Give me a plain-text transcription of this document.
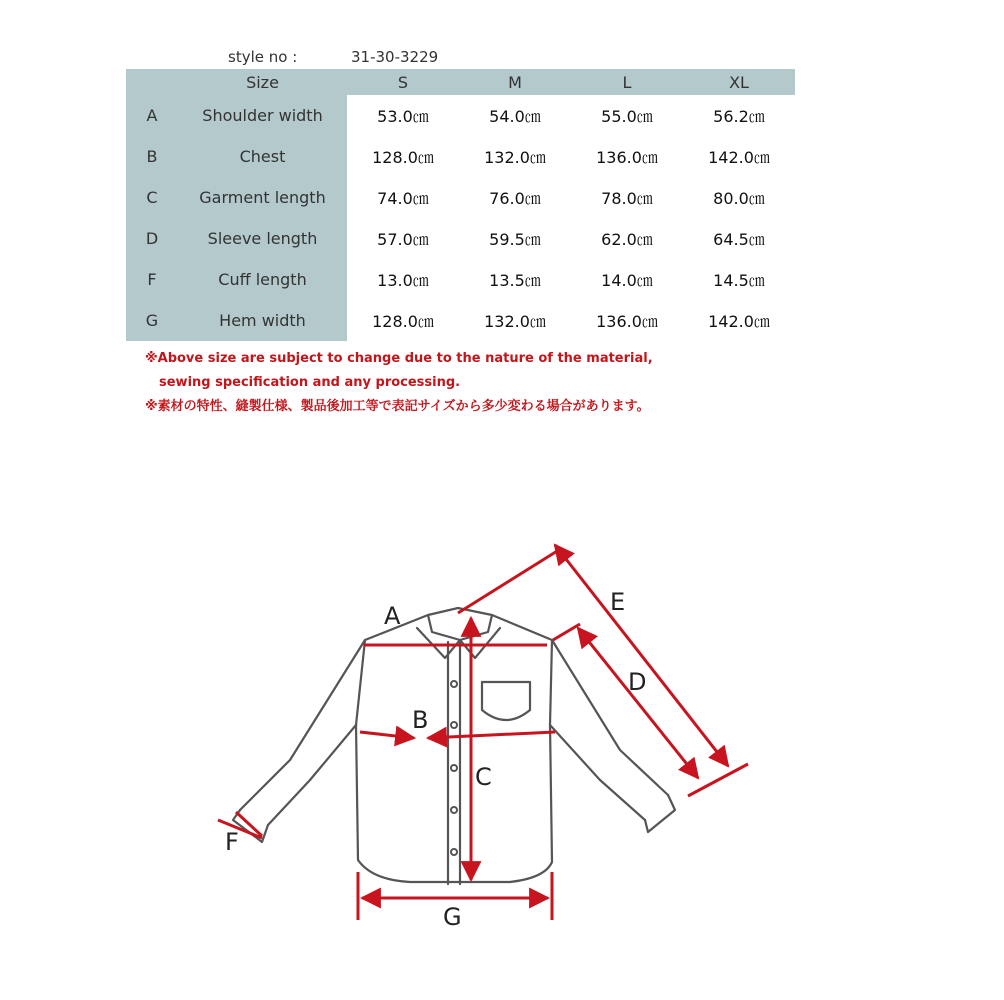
style no :	31-30-3229
	Size	S	M	L	XL
A	Shoulder width	53.0㎝	54.0㎝	55.0㎝	56.2㎝
B	Chest	128.0㎝	132.0㎝	136.0㎝	142.0㎝
C	Garment length	74.0㎝	76.0㎝	78.0㎝	80.0㎝
D	Sleeve length	57.0㎝	59.5㎝	62.0㎝	64.5㎝
F	Cuff length	13.0㎝	13.5㎝	14.0㎝	14.5㎝
G	Hem width	128.0㎝	132.0㎝	136.0㎝	142.0㎝
※Above size are subject to change due to the nature of the material,
sewing specification and any processing.
※素材の特性、縫製仕様、製品後加工等で表記サイズから多少変わる場合があります。
A
B
C
D
E
F
G
